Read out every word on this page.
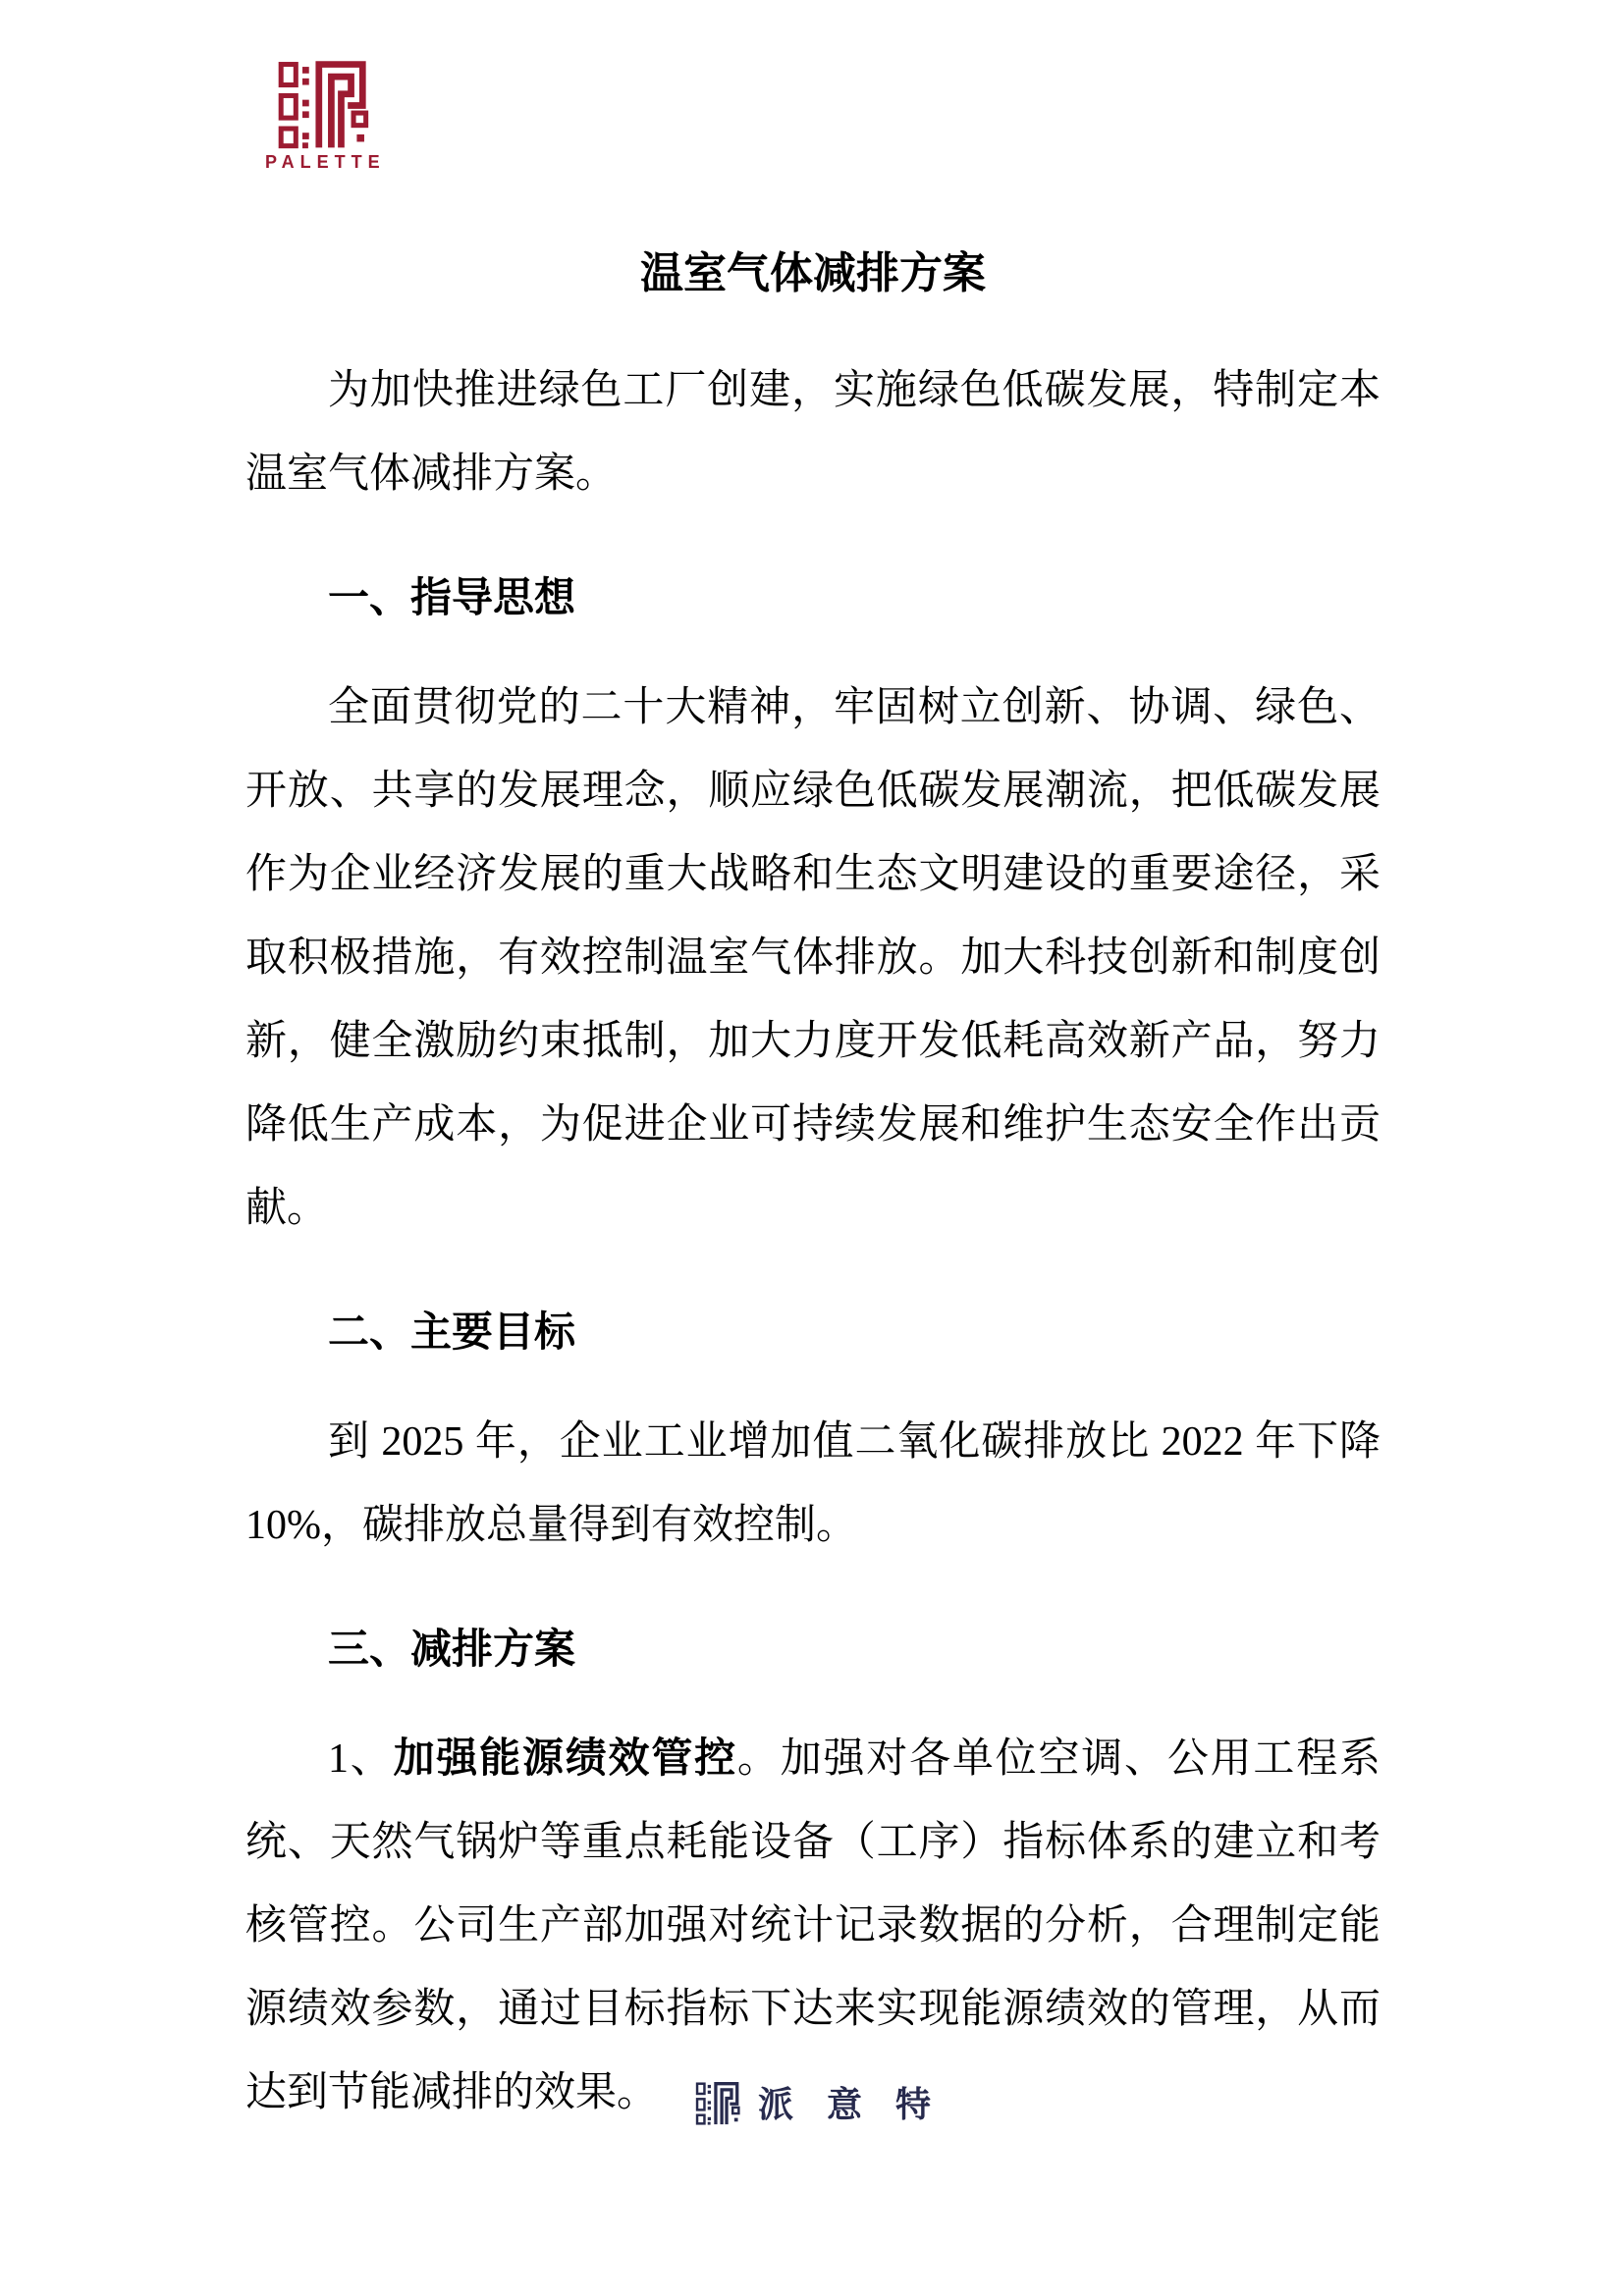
PALETTE
温室气体减排方案

为加快推进绿色工厂创建，实施绿色低碳发展，特制定本温室气体减排方案。

一、指导思想

全面贯彻党的二十大精神，牢固树立创新、协调、绿色、开放、共享的发展理念，顺应绿色低碳发展潮流，把低碳发展作为企业经济发展的重大战略和生态文明建设的重要途径，采取积极措施，有效控制温室气体排放。加大科技创新和制度创新，健全激励约束抵制，加大力度开发低耗高效新产品，努力降低生产成本，为促进企业可持续发展和维护生态安全作出贡献。

二、主要目标

到 2025 年，企业工业增加值二氧化碳排放比 2022 年下降 10%，碳排放总量得到有效控制。

三、减排方案

1、加强能源绩效管控。加强对各单位空调、公用工程系统、天然气锅炉等重点耗能设备（工序）指标体系的建立和考核管控。公司生产部加强对统计记录数据的分析，合理制定能源绩效参数，通过目标指标下达来实现能源绩效的管理，从而达到节能减排的效果。	派意特
